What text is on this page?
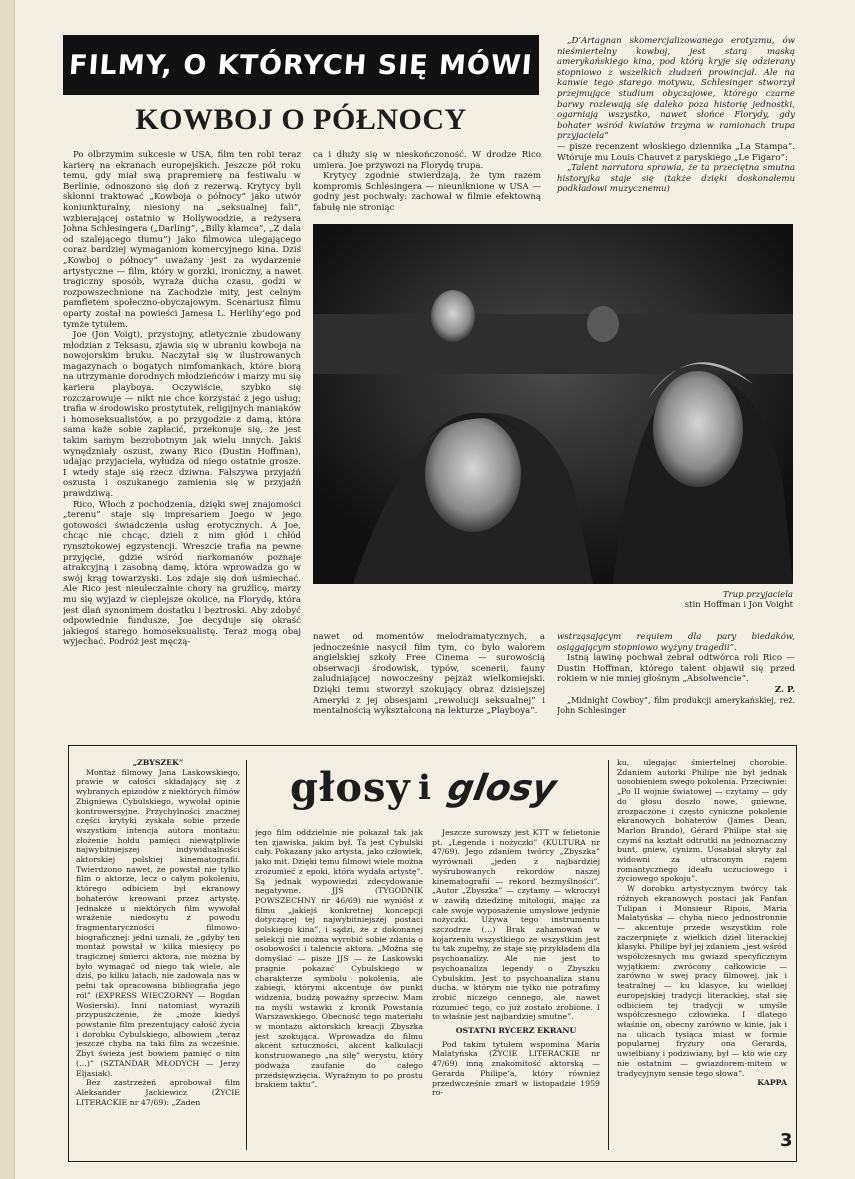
FILMY, O KTÓRYCH SIĘ MÓWI
KOWBOJ O PÓŁNOCY

Po olbrzymim sukcesie w USA, film ten robi teraz karierę na ekranach europejskich. Jeszcze pół roku temu, gdy miał swą prapremierę na festiwalu w Berlinie, odnoszono się doń z rezerwą. Krytycy byli skłonni traktować „Kowboja o północy” jako utwór koniunkturalny, niesiony na „seksualnej fali”, wzbierającej ostatnio w Hollywoodzie, a reżysera Johna Schlesingera („Darling”, „Billy kłamca”, „Z dala od szalejącego tłumu”) jako filmowca ulegającego coraz bardziej wymaganiom komercyjnego kina. Dziś „Kowboj o północy” uważany jest za wydarzenie artystyczne — film, który w gorzki, ironiczny, a nawet tragiczny sposób, wyraża ducha czasu, godzi w rozpowszechnione na Zachodzie mity, jest celnym pamfletem społeczno-obyczajowym. Scenariusz filmu oparty został na powieści Jamesa L. Herlihy’ego pod tymże tytułem.

Joe (Jon Voigt), przystojny, atletycznie zbudowany młodzian z Teksasu, zjawia się w ubraniu kowboja na nowojorskim bruku. Naczytał się w ilustrowanych magazynach o bogatych nimfomankach, które biorą na utrzymanie dorodnych młodzieńców i marzy mu się kariera playboya. Oczywiście, szybko się rozczarowuje — nikt nie chce korzystać z jego usług; trafia w środowisko prostytutek, religijnych maniaków i homoseksualistów, a po przygodzie z damą, która sama każe sobie zapłacić, przekonuje się, że jest takim samym bezrobotnym jak wielu innych. Jakiś wynędzniały oszust, zwany Rico (Dustin Hoffman), udając przyjaciela, wyłudza od niego ostatnie grosze. I wtedy staje się rzecz dziwna. Fałszywa przyjaźń oszusta i oszukanego zamienia się w przyjaźń prawdziwą.

Rico, Włoch z pochodzenia, dzięki swej znajomości „terenu” staje się impresariem Joego w jego gotowości świadczenia usług erotycznych. A Joe, chcąc nie chcąc, dzieli z nim głód i chłód rynsztokowej egzystencji. Wreszcie trafia na pewne przyjęcie, gdzie wśród narkomanów poznaje atrakcyjną i zasobną damę, która wprowadza go w swój krąg towarzyski. Los zdaje się doń uśmiechać. Ale Rico jest nieuleczalnie chory na gruźlicę, marzy mu się wyjazd w cieplejsze okolice, na Florydę, która jest dlań synonimem dostatku i beztroski. Aby zdobyć odpowiednie fundusze, Joe decyduje się okraść jakiegoś starego homoseksualistę. Teraz mogą obaj wyjechać. Podróż jest męczą-

ca i dłuży się w nieskończoność. W drodze Rico umiera. Joe przywozi na Florydę trupa.

Krytycy zgodnie stwierdzają, że tym razem kompromis Schlesingera — nieuniknione w USA — godny jest pochwały: zachował w filmie efektowną fabułę nie stroniąc

„D’Artagnan skomercjalizowanego erotyzmu, ów nieśmiertelny kowboj, jest starą maską amerykańskiego kina, pod którą kryje się odzierany stopniowo z wszelkich złudzeń prowincjał. Ale na kanwie tego starego motywu, Schlesinger stworzył przejmujące studium obyczajowe, którego czarne barwy rozlewają się daleko poza historię jednostki, ogarniają wszystko, nawet słońce Florydy, gdy bohater wśród kwiatów trzyma w ramionach trupa przyjaciela”

— pisze recenzent włoskiego dziennika „La Stampa”. Wtóruje mu Louis Chauvet z paryskiego „Le Figaro”:

„Talent narratora sprawia, że ta przeciętna smutna historyjka staje się (także dzięki doskonałemu podkładowi muzycznemu)

Trup przyjaciela
stin Hoffman i Jon Voight

nawet od momentów melodramatycznych, a jednocześnie nasycił film tym, co było walorem angielskiej szkoły Free Cinema — surowością obserwacji środowisk, typów, scenerii, fauny zaludniającej nowoczesny pejzaż wielkomiejski. Dzięki temu stworzył szokujący obraz dzisiejszej Ameryki z jej obsesjami „rewolucji seksualnej” i mentalnością wykształconą na lekturze „Playboya”.

wstrząsającym requiem dla pary biedaków, osiągającym stopniowo wyżyny tragedii”.

Istną lawinę pochwał zebrał odtwórca roli Rico — Dustin Hoffman, którego talent objawił się przed rokiem w nie mniej głośnym „Absolwencie”.

Z. P.

„Midnight Cowboy”, film produkcji amerykańskiej, reż. John Schlesinger

głosy i glosy

„ZBYSZEK”

Montaż filmowy Jana Laskowskiego, prawie w całości składający się z wybranych epizodów z niektórych filmów Zbigniewa Cybulskiego, wywołał opinie kontrowersyjne. Przychylności znacznej części krytyki zyskała sobie przede wszystkim intencja autora montażu: złożenie hołdu pamięci niewątpliwie najwybitniejszej indywidualności aktorskiej polskiej kinematografii. Twierdzono nawet, że powstał nie tylko film o aktorze, lecz o całym pokoleniu, którego odbiciem był ekranowy bohaterów kreowani przez artystę. Jednakże u niektórych film wywołał wrażenie niedosytu z powodu fragmentaryczności filmowo-biograficznej: jedni uznali, że „gdyby ten montaż powstał w kilka miesięcy po tragicznej śmierci aktora, nie można by było wymagać od niego tak wiele, ale dziś, po kilku latach, nie zadowala nas w pełni tak opracowana bibliografia jego ról” (EXPRESS WIECZORNY — Bogdan Wosierski). Inni natomiast wyrazili przypuszczenie, że „może kiedyś powstanie film prezentujący całość życia i dorobku Cybulskiego, albowiem „teraz jeszcze chyba na taki film za wcześnie. Zbyt świeża jest bowiem pamięć o nim (…)” (SZTANDAR MŁODYCH — Jerzy Eljasiak).

Bez zastrzeżeń aprobował film Aleksander Jackiewicz (ŻYCIE LITERACKIE nr 47/69): „Zaden

jego film oddzielnie nie pokazał tak jak ten zjawiska, jakim był. Ta jest Cybulski cały. Pokazany jako artysta, jako człowiek, jako mit. Dzięki temu filmowi wiele można zrozumieć z epoki, która wydała artystę”. Są jednak wypowiedzi zdecydowanie negatywne. JJS (TYGODNIK POWSZECHNY nr 46/69) nie wyniósł z filmu „jakiejś konkretnej koncepcji dotyczącej tej najwybitniejszej postaci polskiego kina”, i sądzi, że z dokonanej selekcji nie można wyrobić sobie zdania o osobowości i talencie aktora. „Można się domyślać — pisze JJS — że Laskowski pragnie pokazać Cybulskiego w charakterze symbolu pokolenia, ale zabiegi, którymi akcentuje ów punkt widzenia, budzą poważny sprzeciw. Mam na myśli wstawki z kronik Powstania Warszawskiego. Obecność tego materiału w montażu aktorskich kreacji Zbyszka jest szokująca. Wprowadza do filmu akcent sztuczności, akcent kalkulacji konstruowanego „na siłę” werystu, który podważa zaufanie do całego przedsięwzięcia. Wyrażnym to po prostu brakiem taktu”.

Jeszcze surowszy jest KTT w felietonie pt. „Legenda i nożyczki” (KULTURA nr 47/69). Jego zdaniem twórcy „Zbyszka” wyrównali „jeden z najbardziej wyśrubowanych rekordów naszej kinematografii — rekord bezmyślności”. „Autor „Zbyszka” — czytamy — wkroczył w zawiłą dziedzinę mitologii, mając za całe swoje wyposażenie umysłowe jedynie nożyczki. Używa tego instrumentu szczodrze (…) Brak zahamowań w kojarzeniu wszystkiego ze wszystkim jest tu tak zupełny, że staje się przykładem dla psychoanalizy. Ale nie jest to psychoanaliza legendy o Zbyszku Cybulskim. Jest to psychoanaliza stanu ducha, w którym nie tylko nie potrafimy zrobić niczego cennego, ale nawet rozumieć tego, co już zostało zrobione. I to właśnie jest najbardziej smutne”.

OSTATNI RYCERZ EKRANU

Pod takim tytułem wspomina Maria Malatyńska (ŻYCIE LITERACKIE nr 47/69) inną znakomitość aktorską — Gerarda Philipe’a, który również przedwcześnie zmarł w listopadzie 1959 ro-

ku, ulegając śmiertelnej chorobie. Zdaniem autorki Philipe nie był jednak uosobieniem swego pokolenia. Przeciwnie: „Po II wojnie światowej — czytamy — gdy do głosu doszło nowe, gniewne, zrozpaczone i często cyniczne pokolenie ekranowych bohaterów (James Dean, Marlon Brando), Gérard Philipe stał się czymś na kształt odtrutki na jednoznaczny bunt, gniew, cynizm. Uosabiał skryty żal widowni za utraconym rajem romantycznego ideału uczuciowego i życiowego spokoju”.

W dorobku artystycznym twórcy tak różnych ekranowych postaci jak Fanfan Tulipan i Monsieur Ripois, Maria Malatyńska — chyba nieco jednostronnie — akcentuje przede wszystkim role zaczerpnięte z wielkich dzieł literackiej klasyki. Philipe był jej zdaniem „jest wśród współczesnych mu gwiazd specyficznym wyjątkiem: zwrócony całkowicie — zarówno w swej pracy filmowej, jak i teatralnej — ku klasyce, ku wielkiej europejskiej tradycji literackiej, stał się odbiciem tej tradycji w umyśle współczesnego człowieka. I dlatego właśnie on, obecny zarówno w kinie, jak i na ulicach tysiąca miast w formie popularnej fryzury ona Gerarda, uwielbiany i podziwiany, był — kto wie czy nie ostatnim — gwiazdorem-mitem w tradycyjnym sensie tego słowa”.

KAPPA

3
